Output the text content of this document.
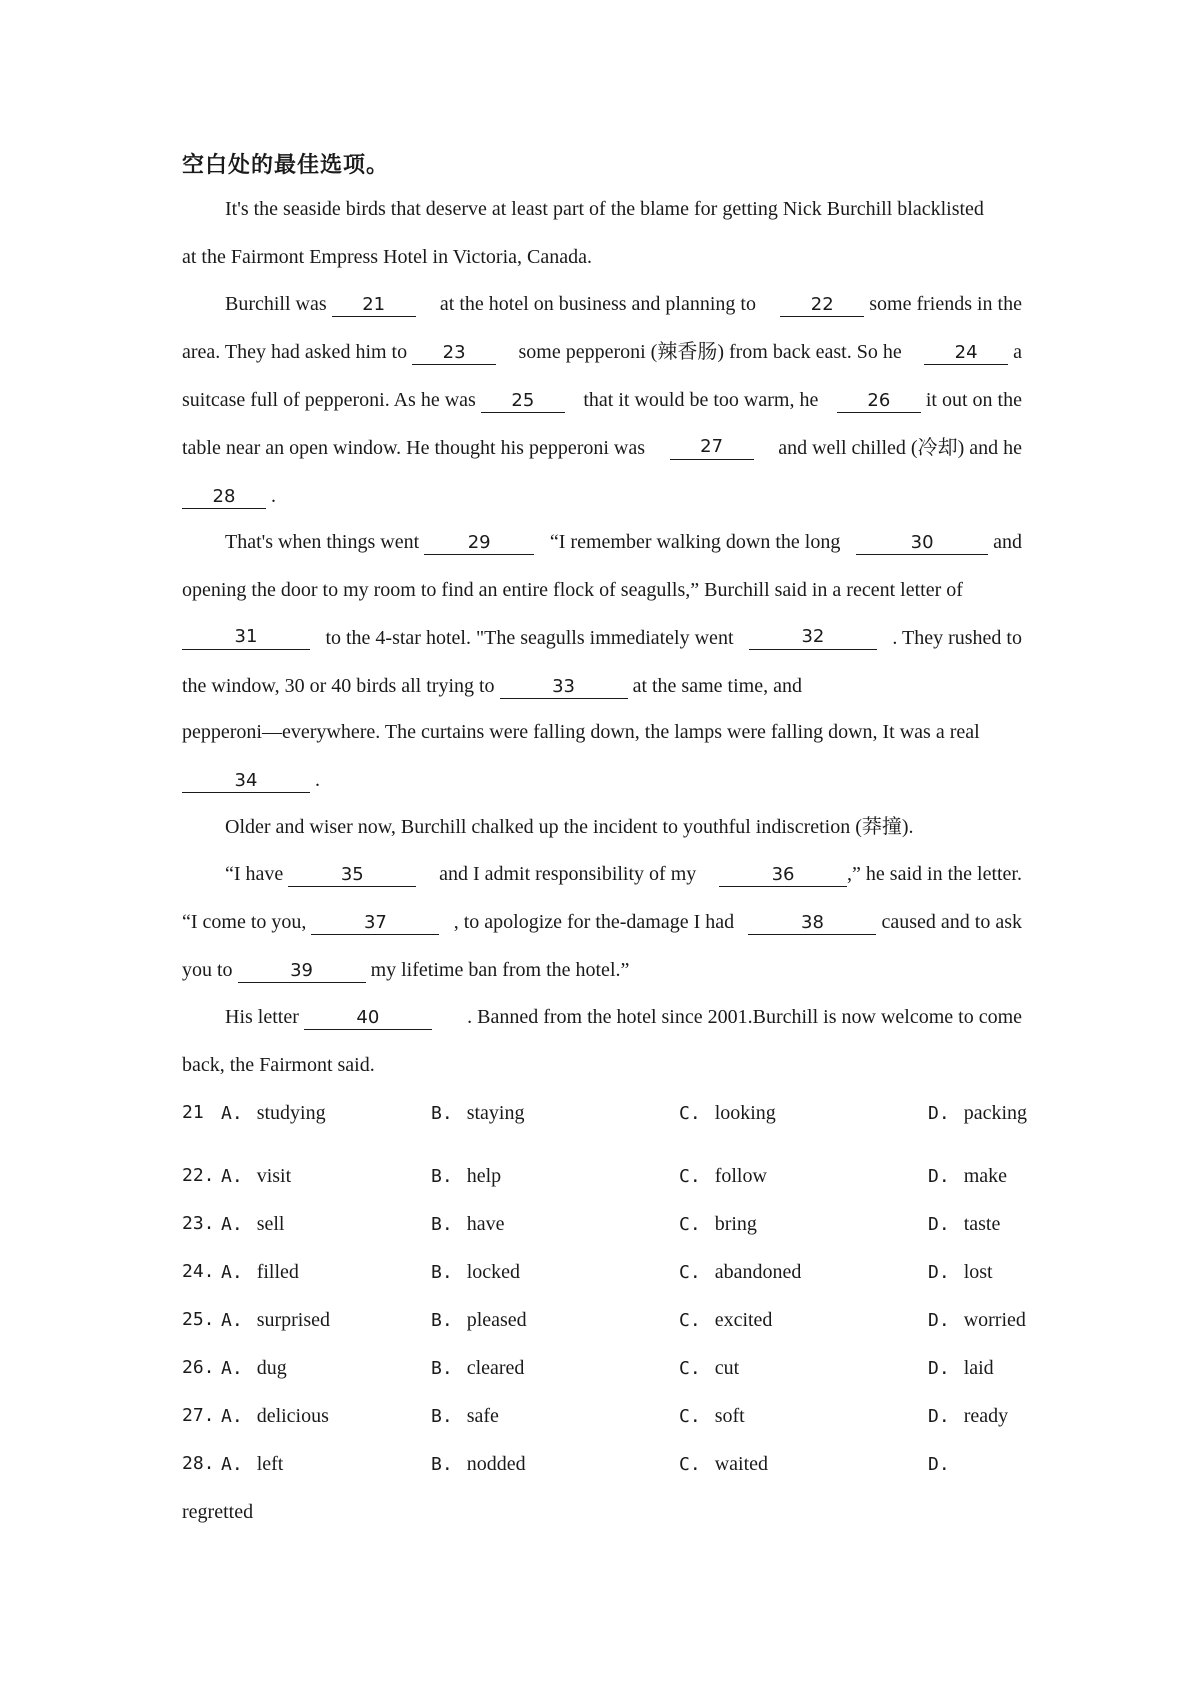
空白处的最佳选项。
It's the seaside birds that deserve at least part of the blame for getting Nick Burchill blacklisted
at the Fairmont Empress Hotel in Victoria, Canada.
Burchill was 21	at the hotel on business and planning to	22 some friends in the
area. They had asked him to 23	some pepperoni (辣香肠) from back east. So he	24 a
suitcase full of pepperoni. As he was 25	that it would be too warm, he	26 it out on the
table near an open window. He thought his pepperoni was	27	and well chilled (冷却) and he
28 .
That's when things went	29	“I remember walking down the long	30	and
opening the door to my room to find an entire flock of seagulls,” Burchill said in a recent letter of
31	to the 4-star hotel. "The seagulls immediately went	32	. They rushed to
the window, 30 or 40 birds all trying to	33	at the same time, and
pepperoni—everywhere. The curtains were falling down, the lamps were falling down, It was a real
34	.
Older and wiser now, Burchill chalked up the incident to youthful indiscretion (莽撞).
“I have	35	and I admit responsibility of my	36	,” he said in the letter.
“I come to you,	37	, to apologize for the-damage I had	38	caused and to ask
you to	39	my lifetime ban from the hotel.”
His letter	40	. Banned from the hotel since 2001.Burchill is now welcome to come
back, the Fairmont said.
21 A. studying	B. staying	C. looking	D. packing
22. A. visit	B. help	C. follow	D. make
23. A. sell	B. have	C. bring	D. taste
24. A. filled	B. locked	C. abandoned	D. lost
25. A. surprised	B. pleased	C. excited	D. worried
26. A. dug	B. cleared	C. cut	D. laid
27. A. delicious	B. safe	C. soft	D. ready
28. A. left	B. nodded	C. waited	D.
regretted
